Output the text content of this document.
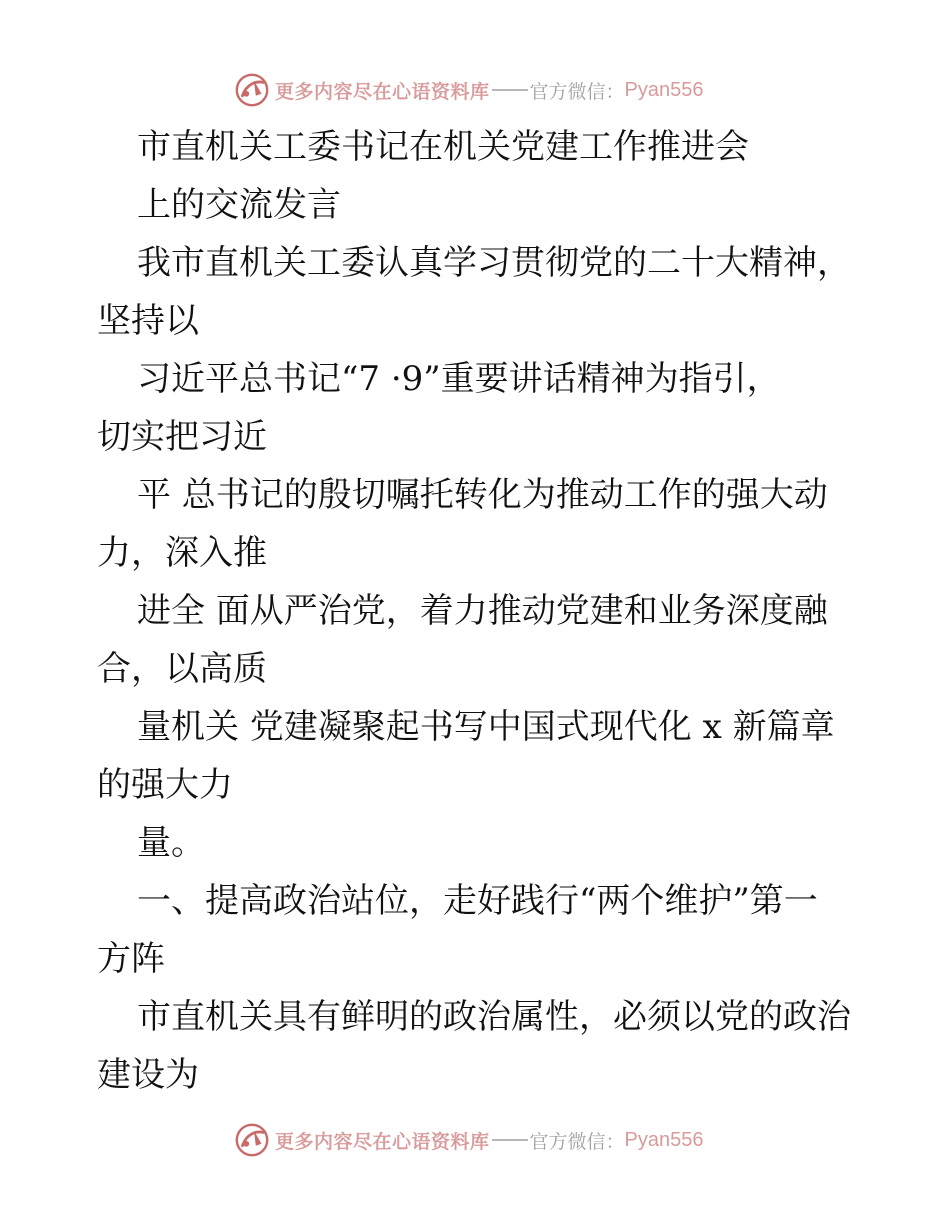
更多内容尽在心语资料库 官方微信： Pyan556

市直机关工委书记在机关党建工作推进会

上的交流发言

我市直机关工委认真学习贯彻党的二十大精神，

坚持以

习近平总书记“7 ·9”重要讲话精神为指引，

切实把习近

平 总书记的殷切嘱托转化为推动工作的强大动

力，深入推

进全 面从严治党，着力推动党建和业务深度融

合，以高质

量机关 党建凝聚起书写中国式现代化 x 新篇章

的强大力

量。

一、提高政治站位，走好践行“两个维护”第一

方阵

市直机关具有鲜明的政治属性，必须以党的政治

建设为

更多内容尽在心语资料库 官方微信： Pyan556
